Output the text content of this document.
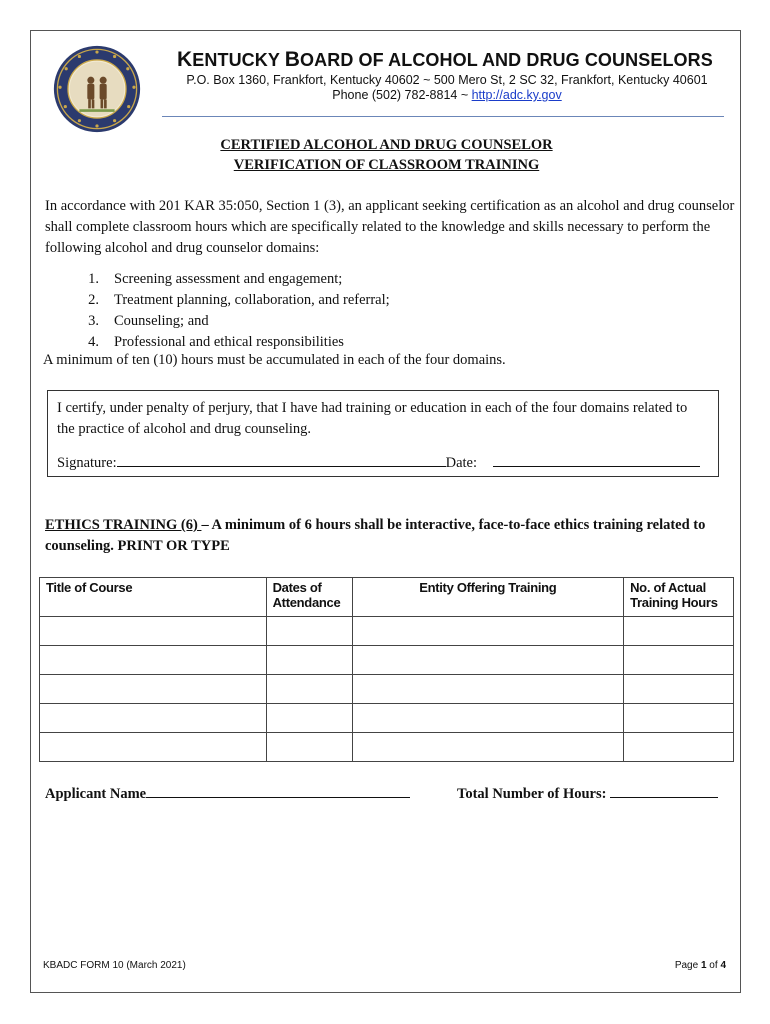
KENTUCKY BOARD OF ALCOHOL AND DRUG COUNSELORS
P.O. Box 1360, Frankfort, Kentucky 40602 ~ 500 Mero St, 2 SC 32, Frankfort, Kentucky 40601
Phone (502) 782-8814 ~ http://adc.ky.gov
CERTIFIED ALCOHOL AND DRUG COUNSELOR
VERIFICATION OF CLASSROOM TRAINING
In accordance with 201 KAR 35:050, Section 1 (3), an applicant seeking certification as an alcohol and drug counselor shall complete classroom hours which are specifically related to the knowledge and skills necessary to perform the following alcohol and drug counselor domains:
1. Screening assessment and engagement;
2. Treatment planning, collaboration, and referral;
3. Counseling; and
4. Professional and ethical responsibilities
A minimum of ten (10) hours must be accumulated in each of the four domains.
I certify, under penalty of perjury, that I have had training or education in each of the four domains related to the practice of alcohol and drug counseling.
Signature:	Date:
ETHICS TRAINING (6) – A minimum of 6 hours shall be interactive, face-to-face ethics training related to counseling. PRINT OR TYPE
Title of Course	Dates of Attendance	Entity Offering Training	No. of Actual Training Hours

Applicant Name	Total Number of Hours:
KBADC FORM 10 (March 2021)	Page 1 of 4
